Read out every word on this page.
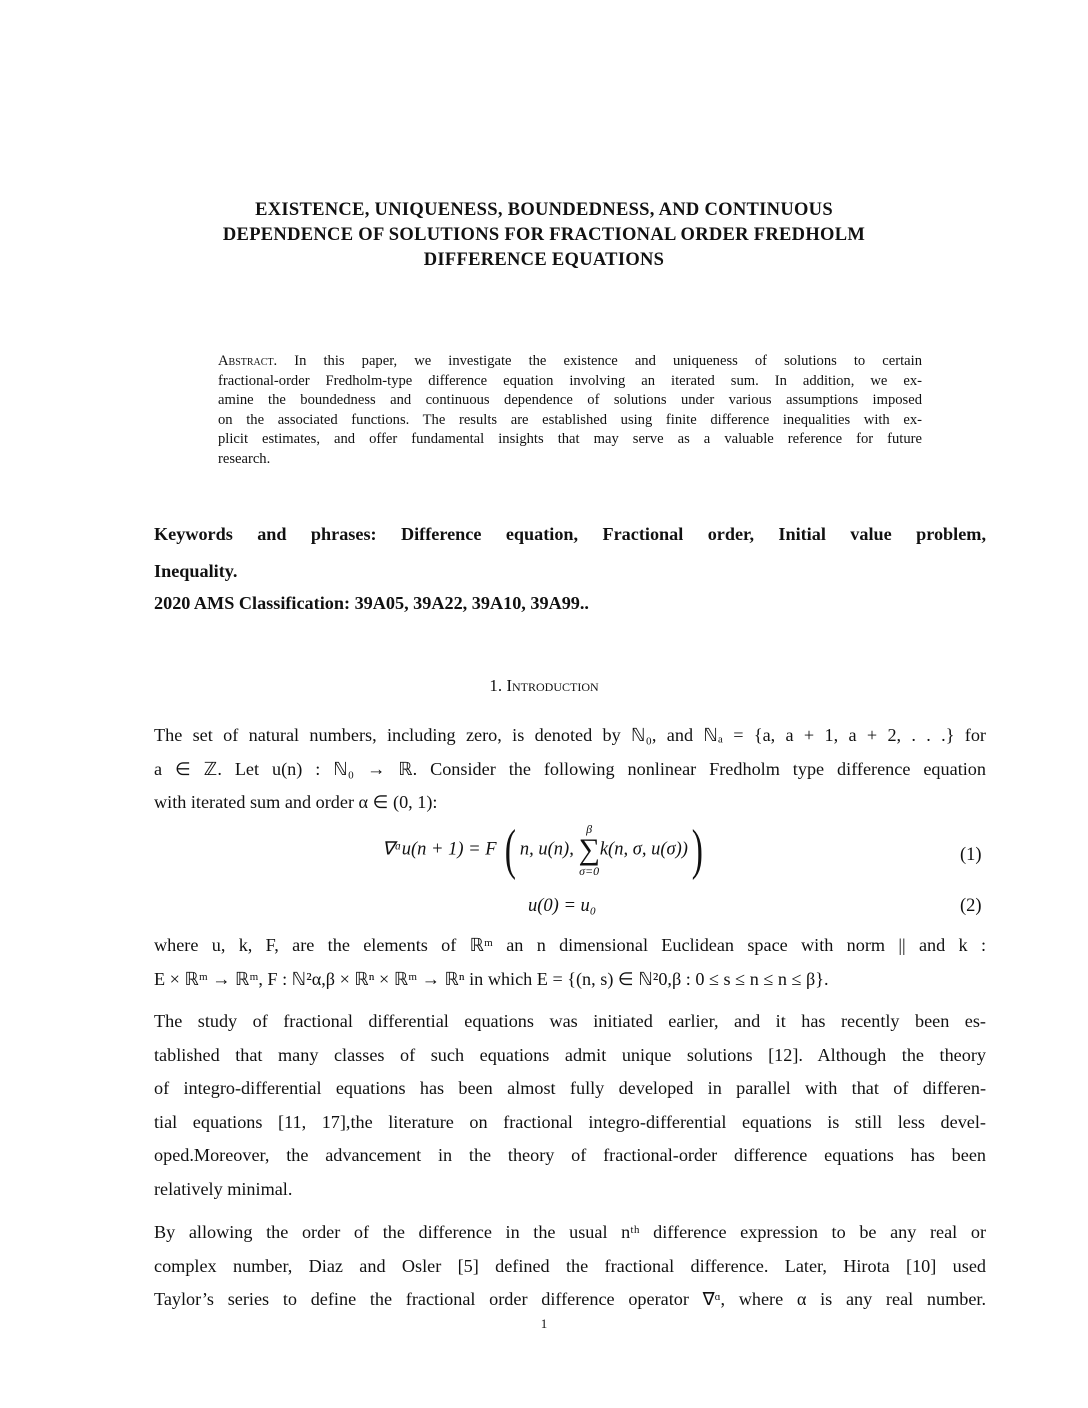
EXISTENCE, UNIQUENESS, BOUNDEDNESS, AND CONTINUOUS
DEPENDENCE OF SOLUTIONS FOR FRACTIONAL ORDER FREDHOLM
DIFFERENCE EQUATIONS
Abstract. In this paper, we investigate the existence and uniqueness of solutions to certain
fractional-order Fredholm-type difference equation involving an iterated sum. In addition, we ex-
amine the boundedness and continuous dependence of solutions under various assumptions imposed
on the associated functions. The results are established using finite difference inequalities with ex-
plicit estimates, and offer fundamental insights that may serve as a valuable reference for future
research.
Keywords and phrases: Difference equation, Fractional order, Initial value problem,
Inequality.
2020 AMS Classification: 39A05, 39A22, 39A10, 39A99..
1. Introduction
The set of natural numbers, including zero, is denoted by ℕ₀, and ℕₐ = {a, a + 1, a + 2, . . .} for
a ∈ ℤ. Let u(n) : ℕ₀ → ℝ. Consider the following nonlinear Fredholm type difference equation
with iterated sum and order α ∈ (0, 1):
∇ᵅu(n + 1) = F ( n, u(n),
β
∑
σ=0
k(n, σ, u(σ)))	(1)
u(0) = u₀	(2)
where u, k, F, are the elements of ℝᵐ an n dimensional Euclidean space with norm || and k :
E × ℝᵐ → ℝᵐ, F : ℕ²α,β × ℝⁿ × ℝᵐ → ℝⁿ in which E = {(n, s) ∈ ℕ²0,β : 0 ≤ s ≤ n ≤ n ≤ β}.
The study of fractional differential equations was initiated earlier, and it has recently been es-
tablished that many classes of such equations admit unique solutions [12]. Although the theory
of integro-differential equations has been almost fully developed in parallel with that of differen-
tial equations [11, 17],the literature on fractional integro-differential equations is still less devel-
oped.Moreover, the advancement in the theory of fractional-order difference equations has been
relatively minimal.
By allowing the order of the difference in the usual nᵗʰ difference expression to be any real or
complex number, Diaz and Osler [5] defined the fractional difference. Later, Hirota [10] used
Taylor’s series to define the fractional order difference operator ∇ᵅ, where α is any real number.
1
